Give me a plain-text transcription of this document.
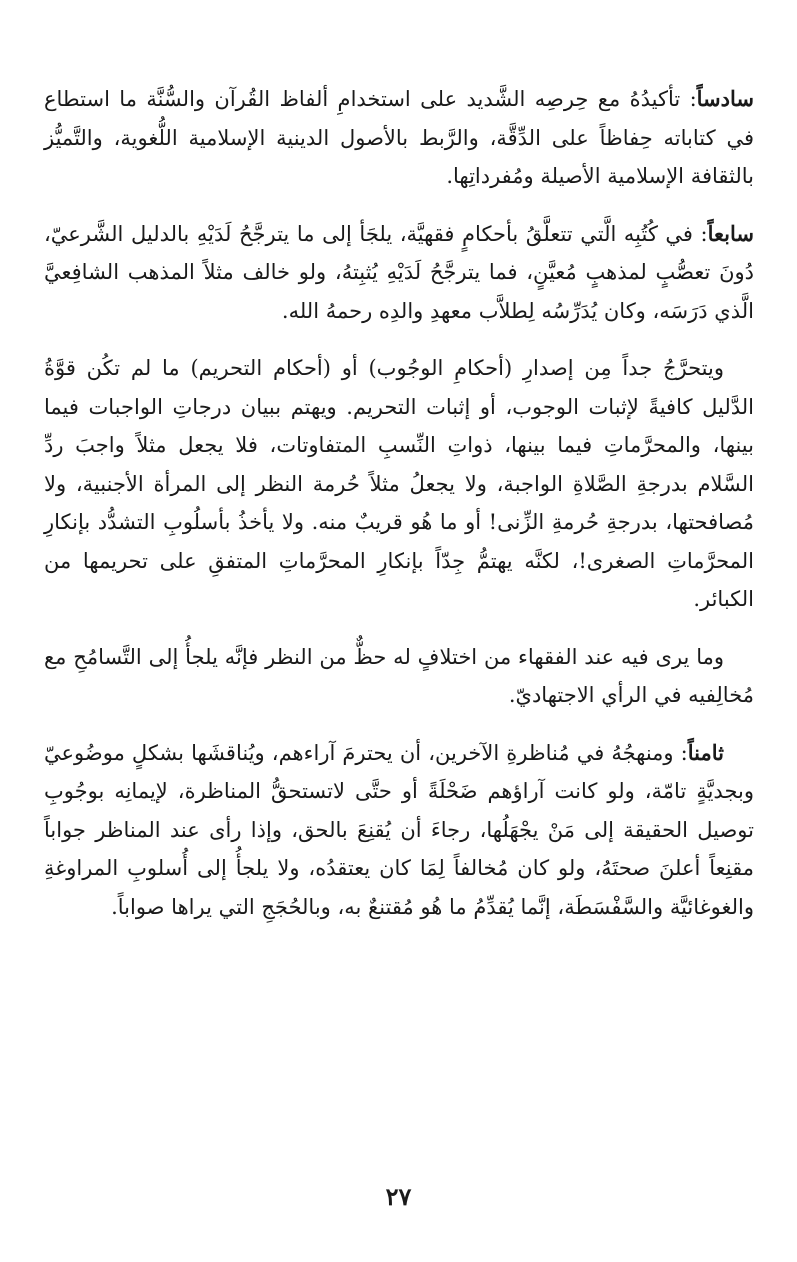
سادساً: تأكيدُهُ مع حِرصِه الشَّديد على استخدامِ ألفاظ القُرآن والسُّنَّة ما استطاع في كتاباته حِفاظاً على الدِّقَّة، والرَّبط بالأصول الدينية الإسلامية اللُّغوية، والتَّميُّز بالثقافة الإسلامية الأصيلة ومُفرداتِها.

سابعاً: في كُتُبِه الَّتي تتعلَّقُ بأحكامٍ فقهيَّة، يلجَأ إلى ما يترجَّحُ لَدَيْهِ بالدليل الشَّرعيّ، دُونَ تعصُّبٍ لمذهبٍ مُعيَّنٍ، فما يترجَّحُ لَدَيْهِ يُثبِتهُ، ولو خالف مثلاً المذهب الشافِعيَّ الَّذي دَرَسَه، وكان يُدَرِّسُه لِطلاَّب معهدِ والدِه رحمهُ الله.

ويتحرَّجُ جداً مِن إصدارِ (أحكامِ الوجُوب) أو (أحكام التحريم) ما لم تكُن قوَّةُ الدَّليل كافيةً لإثبات الوجوب، أو إثبات التحريم. ويهتم ببيان درجاتِ الواجبات فيما بينها، والمحرَّماتِ فيما بينها، ذواتِ النِّسبِ المتفاوتات، فلا يجعل مثلاً واجبَ ردِّ السَّلام بدرجةِ الصَّلاةِ الواجبة، ولا يجعلُ مثلاً حُرمة النظر إلى المرأة الأجنبية، ولا مُصافحتها، بدرجةِ حُرمةِ الزِّنى! أو ما هُو قريبٌ منه. ولا يأخذُ بأسلُوبِ التشدُّد بإنكارِ المحرَّماتِ الصغرى!، لكنَّه يهتمُّ جِدّاً بإنكارِ المحرَّماتِ المتفقِ على تحريمها من الكبائر.

وما يرى فيه عند الفقهاء من اختلافٍ له حظٌّ من النظر فإنَّه يلجأُ إلى التَّسامُحِ مع مُخالِفيه في الرأي الاجتهاديّ.

ثامناً: ومنهجُهُ في مُناظرةِ الآخرين، أن يحترمَ آراءهم، ويُناقشَها بشكلٍ موضُوعيّ وبجديَّةٍ تامّة، ولو كانت آراؤهم ضَحْلَةً أو حتَّى لاتستحقُّ المناظرة، لإيمانِه بوجُوبِ توصيل الحقيقة إلى مَنْ يجْهَلُها، رجاءَ أن يُقنِعَ بالحق، وإذا رأى عند المناظر جواباً مقنِعاً أعلنَ صحتَهُ، ولو كان مُخالفاً لِمَا كان يعتقدُه، ولا يلجأُ إلى أُسلوبِ المراوغةِ والغوغائيَّة والسَّفْسَطَة، إنَّما يُقدِّمُ ما هُو مُقتنعٌ به، وبالحُجَجِ التي يراها صواباً.

٢٧
